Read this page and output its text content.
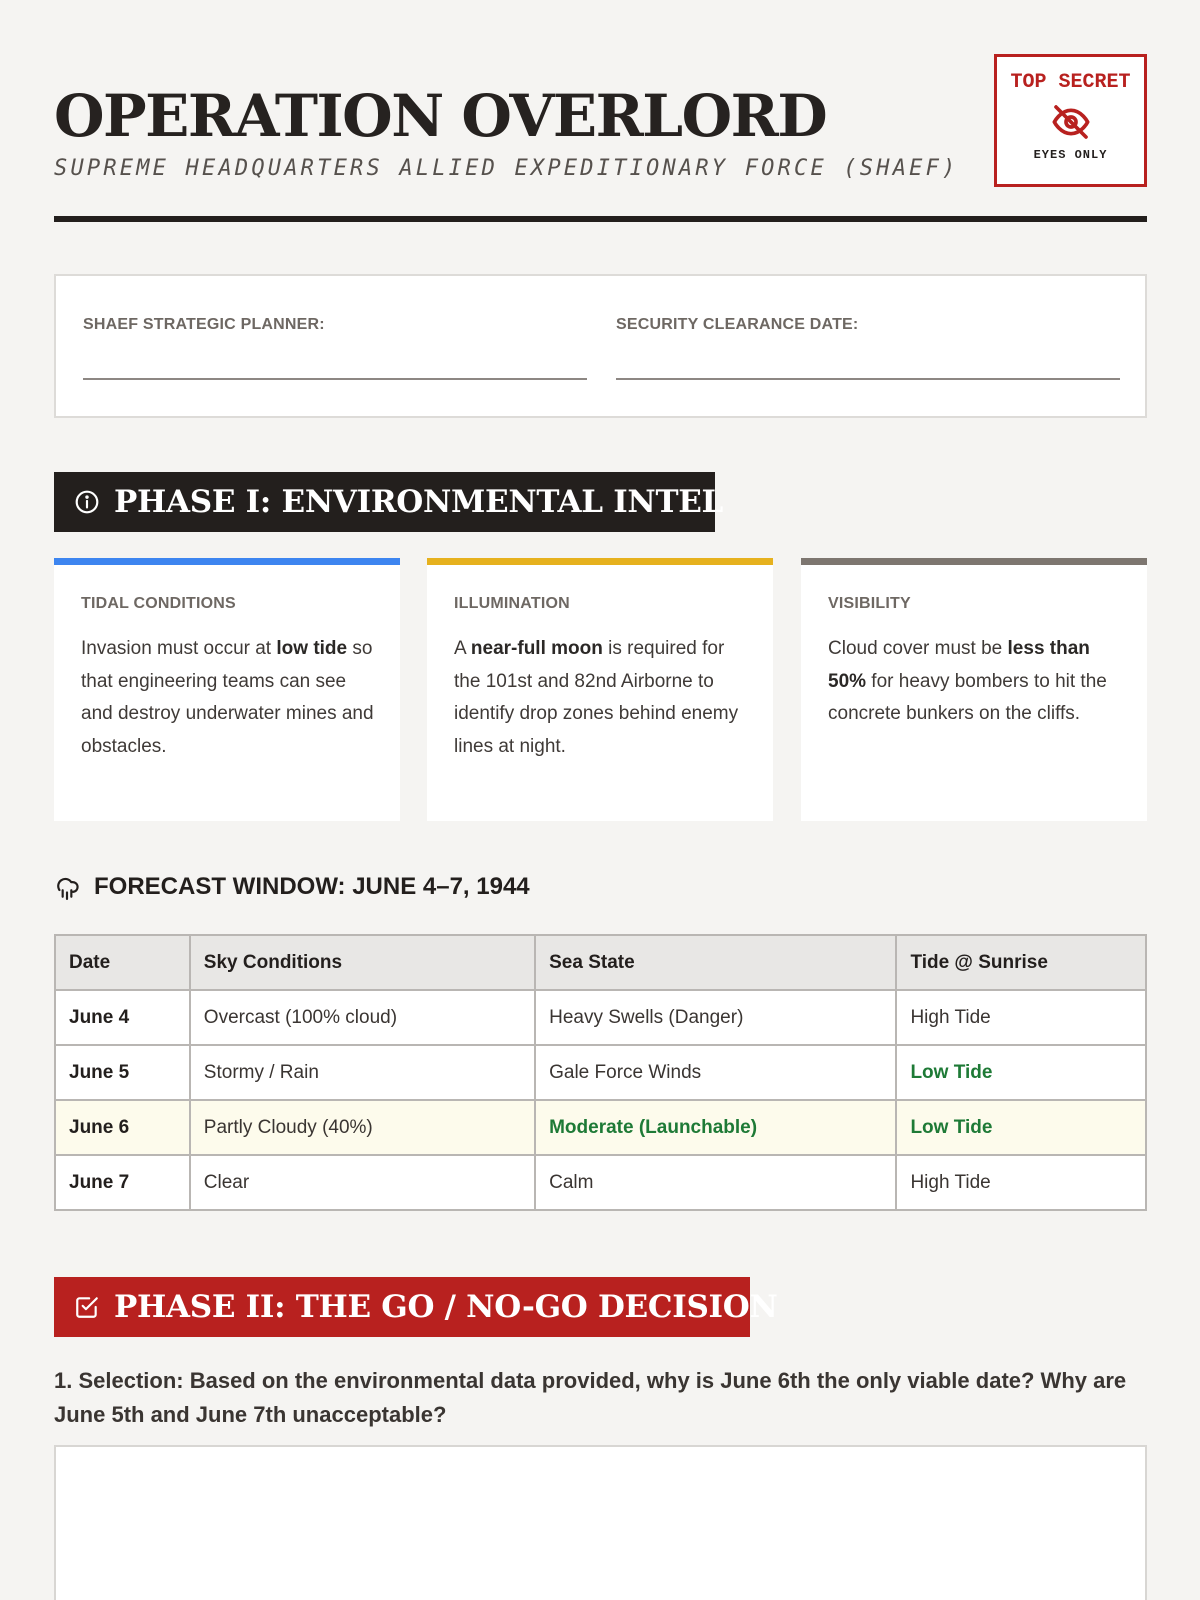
OPERATION OVERLORD
SUPREME HEADQUARTERS ALLIED EXPEDITIONARY FORCE (SHAEF)
TOP SECRET
EYES ONLY
SHAEF STRATEGIC PLANNER:	SECURITY CLEARANCE DATE:
PHASE I: ENVIRONMENTAL INTEL
TIDAL CONDITIONS
Invasion must occur at low tide so that engineering teams can see and destroy underwater mines and obstacles.
ILLUMINATION
A near-full moon is required for the 101st and 82nd Airborne to identify drop zones behind enemy lines at night.
VISIBILITY
Cloud cover must be less than 50% for heavy bombers to hit the concrete bunkers on the cliffs.
FORECAST WINDOW: JUNE 4–7, 1944
Date	Sky Conditions	Sea State	Tide @ Sunrise
June 4	Overcast (100% cloud)	Heavy Swells (Danger)	High Tide
June 5	Stormy / Rain	Gale Force Winds	Low Tide
June 6	Partly Cloudy (40%)	Moderate (Launchable)	Low Tide
June 7	Clear	Calm	High Tide
PHASE II: THE GO / NO-GO DECISION
1. Selection: Based on the environmental data provided, why is June 6th the only viable date? Why are June 5th and June 7th unacceptable?
